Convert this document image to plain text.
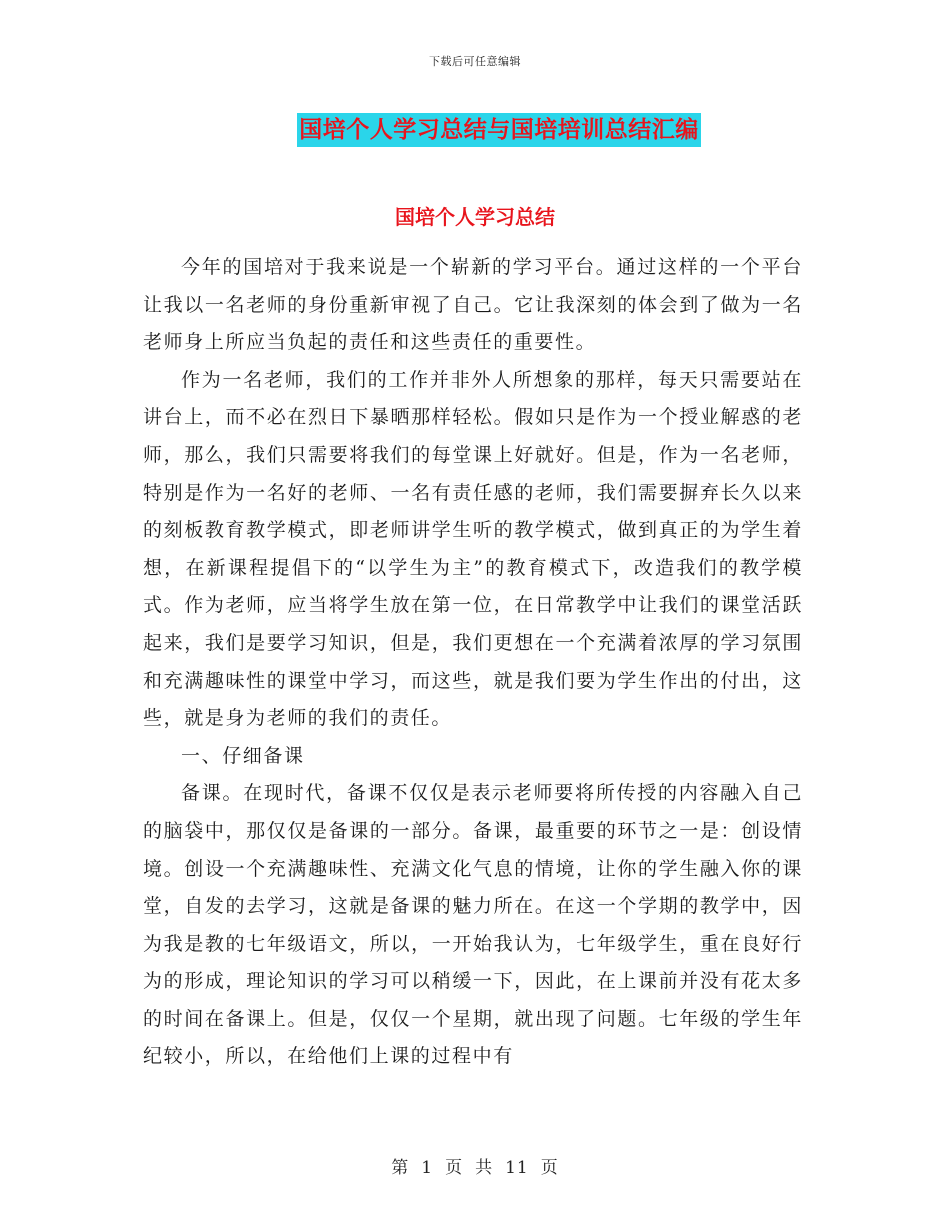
下载后可任意编辑
国培个人学习总结与国培培训总结汇编
国培个人学习总结

今年的国培对于我来说是一个崭新的学习平台。通过这样的一个平台让我以一名老师的身份重新审视了自己。它让我深刻的体会到了做为一名老师身上所应当负起的责任和这些责任的重要性。

作为一名老师，我们的工作并非外人所想象的那样，每天只需要站在讲台上，而不必在烈日下暴晒那样轻松。假如只是作为一个授业解惑的老师，那么，我们只需要将我们的每堂课上好就好。但是，作为一名老师，特别是作为一名好的老师、一名有责任感的老师，我们需要摒弃长久以来的刻板教育教学模式，即老师讲学生听的教学模式，做到真正的为学生着想，在新课程提倡下的“以学生为主”的教育模式下，改造我们的教学模式。作为老师，应当将学生放在第一位，在日常教学中让我们的课堂活跃起来，我们是要学习知识，但是，我们更想在一个充满着浓厚的学习氛围和充满趣味性的课堂中学习，而这些，就是我们要为学生作出的付出，这些，就是身为老师的我们的责任。

一、仔细备课

备课。在现时代，备课不仅仅是表示老师要将所传授的内容融入自己的脑袋中，那仅仅是备课的一部分。备课，最重要的环节之一是：创设情境。创设一个充满趣味性、充满文化气息的情境，让你的学生融入你的课堂，自发的去学习，这就是备课的魅力所在。在这一个学期的教学中，因为我是教的七年级语文，所以，一开始我认为，七年级学生，重在良好行为的形成，理论知识的学习可以稍缓一下，因此，在上课前并没有花太多的时间在备课上。但是，仅仅一个星期，就出现了问题。七年级的学生年纪较小，所以，在给他们上课的过程中有

第 1 页 共 11 页
